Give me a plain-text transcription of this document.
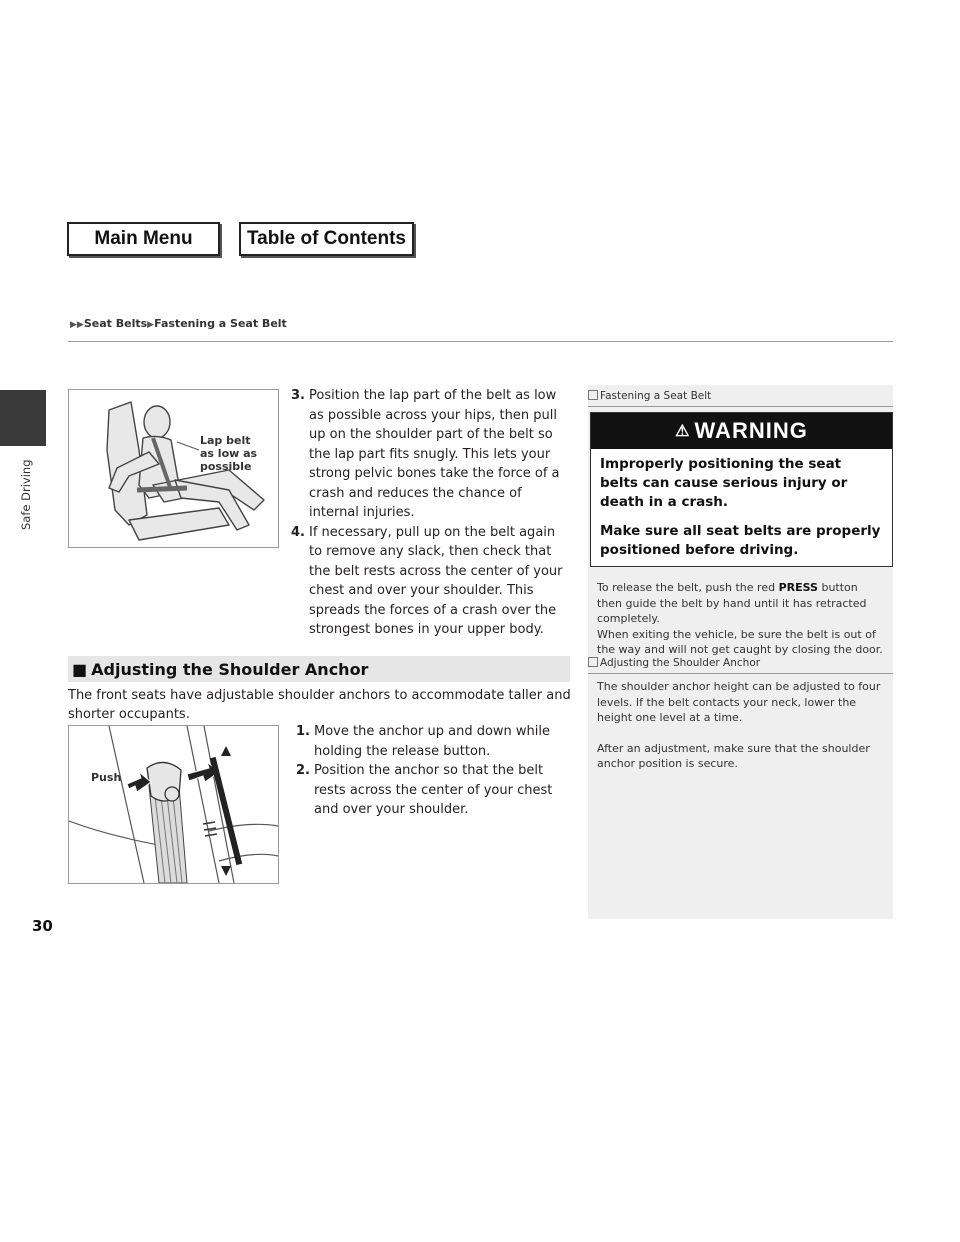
Main Menu	Table of Contents
Safe Driving
▶▶Seat Belts▶Fastening a Seat Belt
Lap belt
as low as
possible
3. Position the lap part of the belt as low as possible across your hips, then pull up on the shoulder part of the belt so the lap part fits snugly. This lets your strong pelvic bones take the force of a crash and reduces the chance of internal injuries.
4. If necessary, pull up on the belt again to remove any slack, then check that the belt rests across the center of your chest and over your shoulder. This spreads the forces of a crash over the strongest bones in your upper body.
Fastening a Seat Belt
⚠ WARNING
Improperly positioning the seat belts can cause serious injury or death in a crash.
Make sure all seat belts are properly positioned before driving.
To release the belt, push the red PRESS button then guide the belt by hand until it has retracted completely.
When exiting the vehicle, be sure the belt is out of the way and will not get caught by closing the door.
■ Adjusting the Shoulder Anchor	Adjusting the Shoulder Anchor
The shoulder anchor height can be adjusted to four levels. If the belt contacts your neck, lower the height one level at a time.
After an adjustment, make sure that the shoulder anchor position is secure.
The front seats have adjustable shoulder anchors to accommodate taller and shorter occupants.
Push
1. Move the anchor up and down while holding the release button.
2. Position the anchor so that the belt rests across the center of your chest and over your shoulder.
30
